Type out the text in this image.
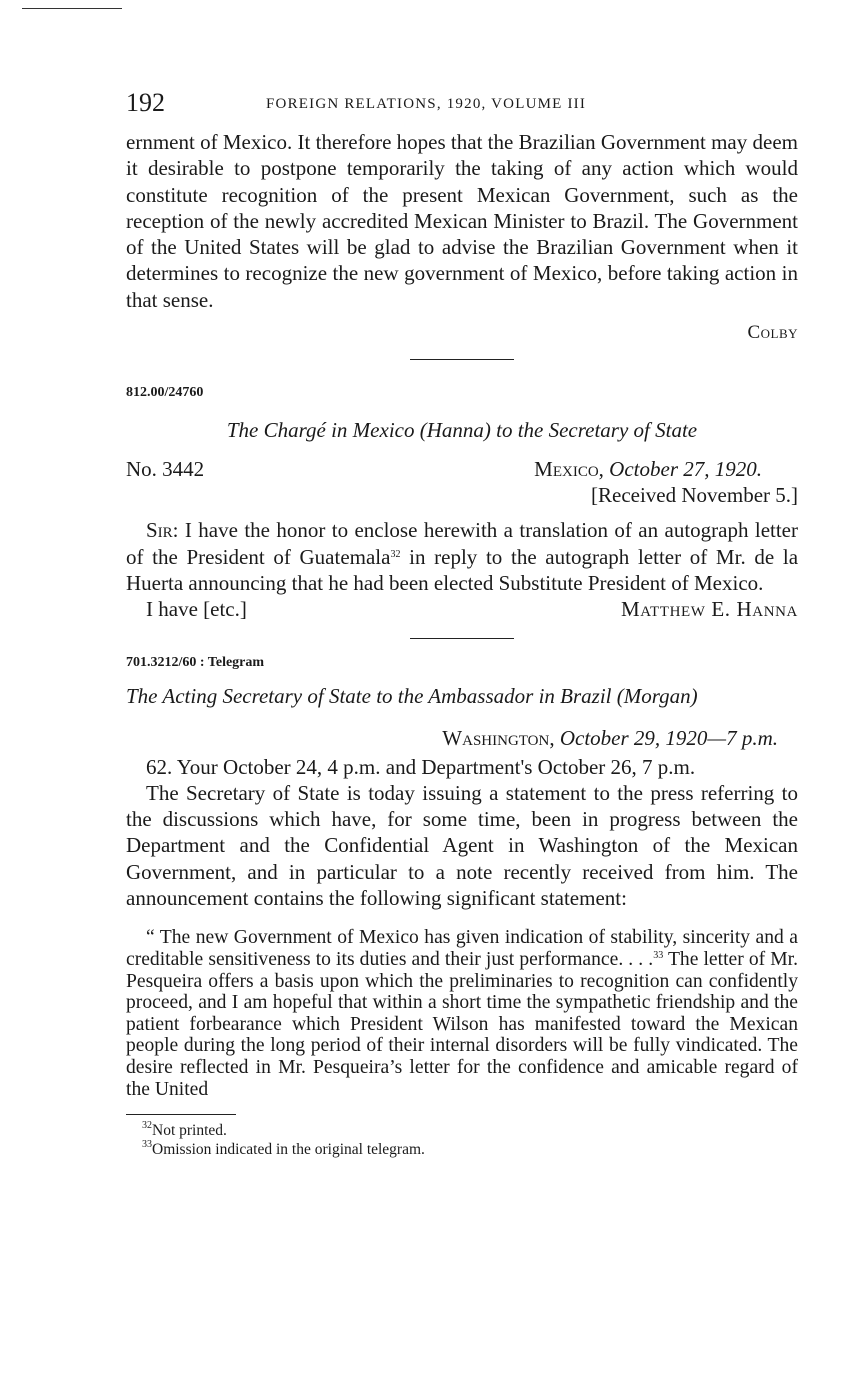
192	FOREIGN RELATIONS, 1920, VOLUME III

ernment of Mexico. It therefore hopes that the Brazilian Government may deem it desirable to postpone temporarily the taking of any action which would constitute recognition of the present Mexican Government, such as the reception of the newly accredited Mexican Minister to Brazil. The Government of the United States will be glad to advise the Brazilian Government when it determines to recognize the new government of Mexico, before taking action in that sense.

Colby

812.00/24760

The Chargé in Mexico (Hanna) to the Secretary of State

No. 3442	Mexico, October 27, 1920.

[Received November 5.]

Sir: I have the honor to enclose herewith a translation of an autograph letter of the President of Guatemala$^{32}$ in reply to the autograph letter of Mr. de la Huerta announcing that he had been elected Substitute President of Mexico.

I have [etc.]	Matthew E. Hanna

701.3212/60 : Telegram

The Acting Secretary of State to the Ambassador in Brazil (Morgan)

Washington, October 29, 1920—7 p.m.

62. Your October 24, 4 p.m. and Department's October 26, 7 p.m.

The Secretary of State is today issuing a statement to the press referring to the discussions which have, for some time, been in progress between the Department and the Confidential Agent in Washington of the Mexican Government, and in particular to a note recently received from him. The announcement contains the following significant statement:

“ The new Government of Mexico has given indication of stability, sincerity and a creditable sensitiveness to its duties and their just performance. . . .$^{33}$ The letter of Mr. Pesqueira offers a basis upon which the preliminaries to recognition can confidently proceed, and I am hopeful that within a short time the sympathetic friendship and the patient forbearance which President Wilson has manifested toward the Mexican people during the long period of their internal disorders will be fully vindicated. The desire reflected in Mr. Pesqueira’s letter for the confidence and amicable regard of the United

$^{32}$Not printed.

$^{33}$Omission indicated in the original telegram.
